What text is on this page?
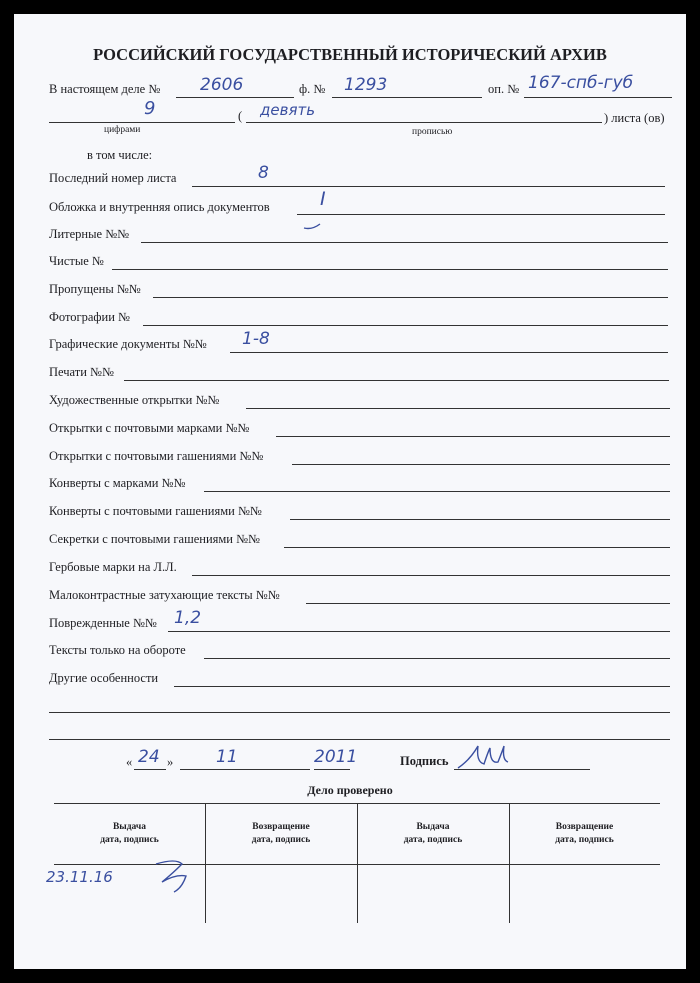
РОССИЙСКИЙ ГОСУДАРСТВЕННЫЙ ИСТОРИЧЕСКИЙ АРХИВ
В настоящем деле № 2606	ф. № 1293	оп. № 167-спб-губ
9	( девять	) листа (ов)
цифрами	прописью
в том числе:
Последний номер листа	8
Обложка и внутренняя опись документов	I
Литерные №№
Чистые №
Пропущены №№
Фотографии №
Графические документы №№ 1-8
Печати №№
Художественные открытки №№
Открытки с почтовыми марками №№
Открытки с почтовыми гашениями №№
Конверты с марками №№
Конверты с почтовыми гашениями №№
Секретки с почтовыми гашениями №№
Гербовые марки на Л.Л.
Малоконтрастные затухающие тексты №№
Поврежденные №№ 1,2
Тексты только на обороте
Другие особенности
« 24 »	11	2011	Подпись
Дело проверено
Выдача
дата, подпись
Возвращение
дата, подпись
Выдача
дата, подпись
Возвращение
дата, подпись
23.11.16
